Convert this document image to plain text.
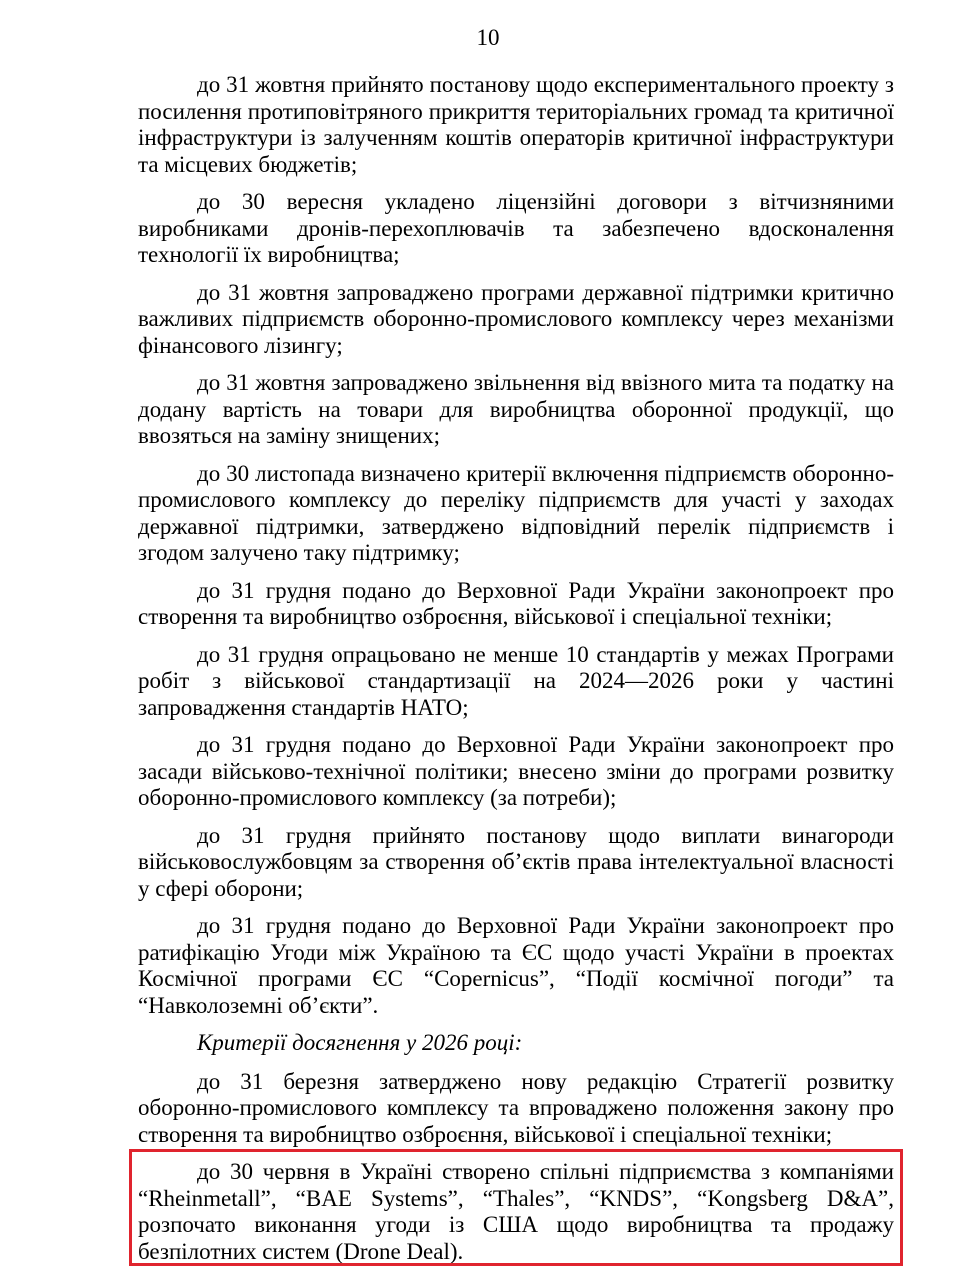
10

до 31 жовтня прийнято постанову щодо експериментального проекту з посилення протиповітряного прикриття територіальних громад та критичної інфраструктури із залученням коштів операторів критичної інфраструктури та місцевих бюджетів;

до 30 вересня укладено ліцензійні договори з вітчизняними виробниками дронів-перехоплювачів та забезпечено вдосконалення технології їх виробництва;

до 31 жовтня запроваджено програми державної підтримки критично важливих підприємств оборонно-промислового комплексу через механізми фінансового лізингу;

до 31 жовтня запроваджено звільнення від ввізного мита та податку на додану вартість на товари для виробництва оборонної продукції, що ввозяться на заміну знищених;

до 30 листопада визначено критерії включення підприємств оборонно-промислового комплексу до переліку підприємств для участі у заходах державної підтримки, затверджено відповідний перелік підприємств і згодом залучено таку підтримку;

до 31 грудня подано до Верховної Ради України законопроект про створення та виробництво озброєння, військової і спеціальної техніки;

до 31 грудня опрацьовано не менше 10 стандартів у межах Програми робіт з військової стандартизації на 2024—2026 роки у частині запровадження стандартів НАТО;

до 31 грудня подано до Верховної Ради України законопроект про засади військово-технічної політики; внесено зміни до програми розвитку оборонно-промислового комплексу (за потреби);

до 31 грудня прийнято постанову щодо виплати винагороди військовослужбовцям за створення об’єктів права інтелектуальної власності у сфері оборони;

до 31 грудня подано до Верховної Ради України законопроект про ратифікацію Угоди між Україною та ЄС щодо участі України в проектах Космічної програми ЄС “Copernicus”, “Події космічної погоди” та “Навколоземні об’єкти”.

Критерії досягнення у 2026 році:

до 31 березня затверджено нову редакцію Стратегії розвитку оборонно-промислового комплексу та впроваджено положення закону про створення та виробництво озброєння, військової і спеціальної техніки;

до 30 червня в Україні створено спільні підприємства з компаніями “Rheinmetall”, “BAE Systems”, “Thales”, “KNDS”, “Kongsberg D&A”, розпочато виконання угоди із США щодо виробництва та продажу безпілотних систем (Drone Deal).
